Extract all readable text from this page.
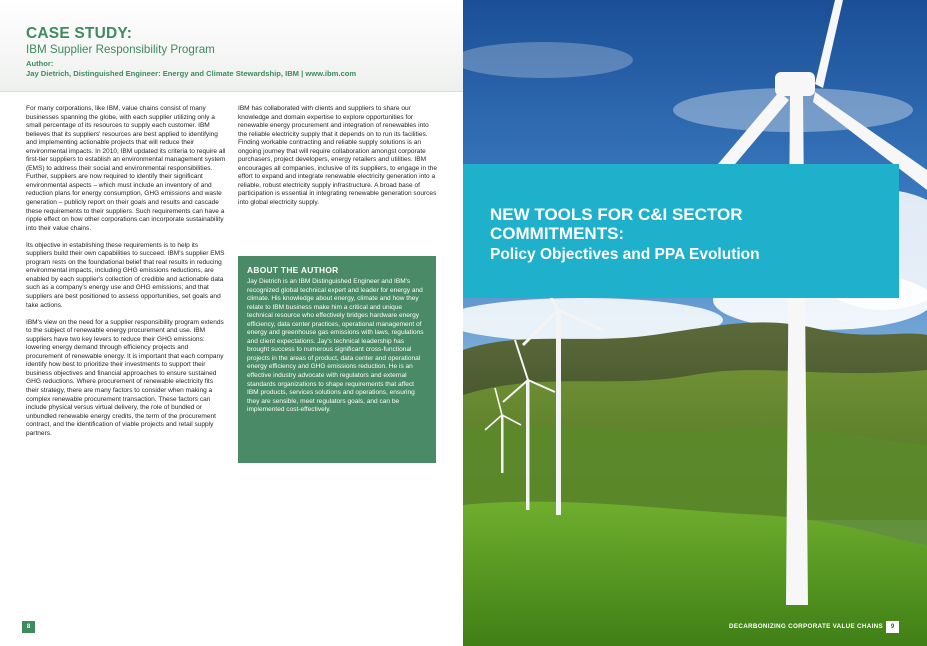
CASE STUDY:
IBM Supplier Responsibility Program
Author:
Jay Dietrich, Distinguished Engineer: Energy and Climate Stewardship, IBM | www.ibm.com

For many corporations, like IBM, value chains consist of many businesses spanning the globe, with each supplier utilizing only a small percentage of its resources to supply each customer. IBM believes that its suppliers' resources are best applied to identifying and implementing actionable projects that will reduce their environmental impacts. In 2010, IBM updated its criteria to require all first-tier suppliers to establish an environmental management system (EMS) to address their social and environmental responsibilities. Further, suppliers are now required to identify their significant environmental aspects – which must include an inventory of and reduction plans for energy consumption, GHG emissions and waste generation – publicly report on their goals and results and cascade these requirements to their suppliers. Such requirements can have a ripple effect on how other corporations can incorporate sustainability into their value chains.

Its objective in establishing these requirements is to help its suppliers build their own capabilities to succeed. IBM's supplier EMS program rests on the foundational belief that real results in reducing environmental impacts, including GHG emissions reductions, are enabled by each supplier's collection of credible and actionable data such as a company's energy use and GHG emissions; and that suppliers are best positioned to assess opportunities, set goals and take actions.

IBM's view on the need for a supplier responsibility program extends to the subject of renewable energy procurement and use. IBM suppliers have two key levers to reduce their GHG emissions: lowering energy demand through efficiency projects and procurement of renewable energy. It is important that each company identify how best to prioritize their investments to support their business objectives and financial approaches to ensure sustained GHG reductions. Where procurement of renewable electricity fits their strategy, there are many factors to consider when making a complex renewable procurement transaction. These factors can include physical versus virtual delivery, the role of bundled or unbundled renewable energy credits, the term of the procurement contract, and the identification of viable projects and retail supply partners.

IBM has collaborated with clients and suppliers to share our knowledge and domain expertise to explore opportunities for renewable energy procurement and integration of renewables into the reliable electricity supply that it depends on to run its facilities. Finding workable contracting and reliable supply solutions is an ongoing journey that will require collaboration amongst corporate purchasers, project developers, energy retailers and utilities. IBM encourages all companies, inclusive of its suppliers, to engage in the effort to expand and integrate renewable electricity generation into a reliable, robust electricity supply infrastructure. A broad base of participation is essential in integrating renewable generation sources into global electricity supply.

ABOUT THE AUTHOR
Jay Dietrich is an IBM Distinguished Engineer and IBM's recognized global technical expert and leader for energy and climate. His knowledge about energy, climate and how they relate to IBM business make him a critical and unique technical resource who effectively bridges hardware energy efficiency, data center practices, operational management of energy and greenhouse gas emissions with laws, regulations and client expectations. Jay's technical leadership has brought success to numerous significant cross-functional projects in the areas of product, data center and operational energy efficiency and GHG emissions reduction. He is an effective industry advocate with regulators and external standards organizations to shape requirements that affect IBM products, services solutions and operations, ensuring they are sensible, meet regulators goals, and can be implemented cost-effectively.
8
NEW TOOLS FOR C&I SECTOR
COMMITMENTS:
Policy Objectives and PPA Evolution
DECARBONIZING CORPORATE VALUE CHAINS	9
